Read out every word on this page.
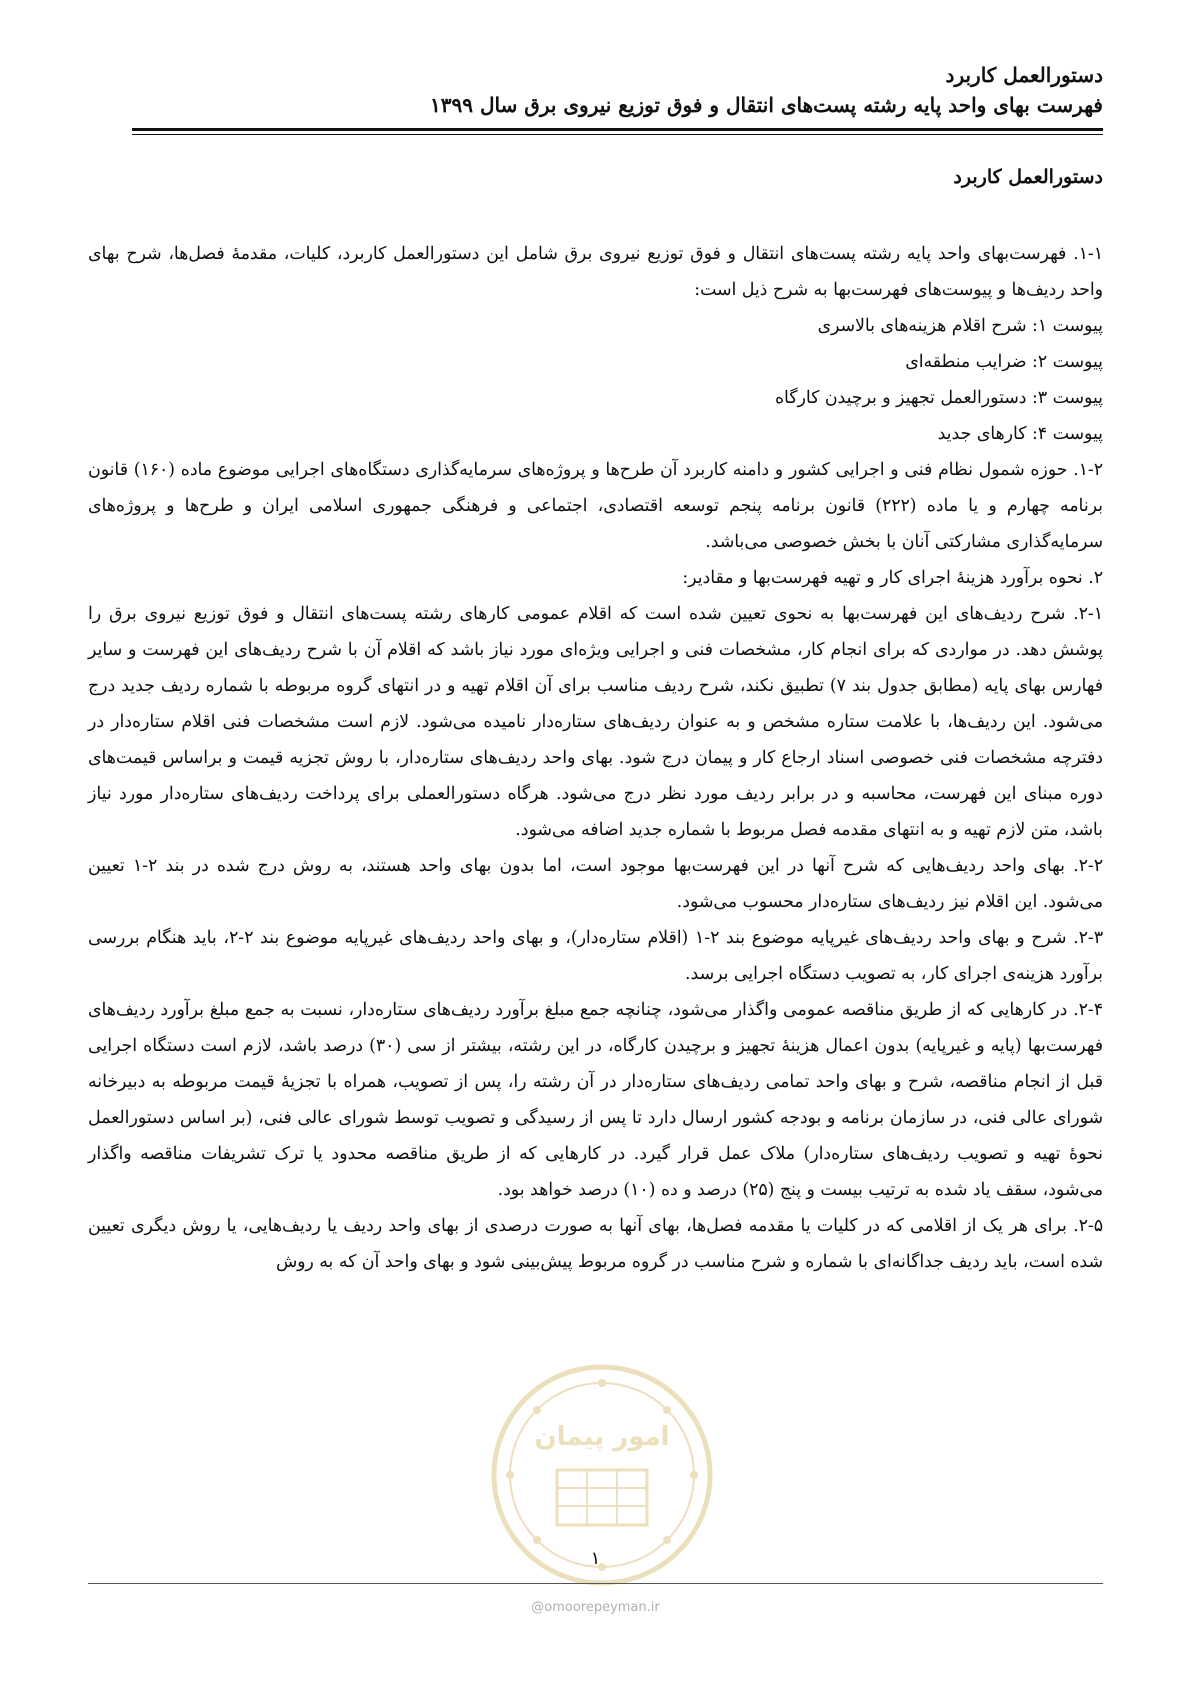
دستورالعمل کاربرد
فهرست بهای واحد پایه رشته پست‌های انتقال و فوق توزیع نیروی برق سال ۱۳۹۹
دستورالعمل کاربرد

۱-۱. فهرست‌بهای واحد پایه رشته پست‌های انتقال و فوق توزیع نیروی برق شامل این دستورالعمل کاربرد، کلیات، مقدمهٔ فصل‌ها، شرح بهای واحد ردیف‌ها و پیوست‌های فهرست‌بها به شرح ذیل است:

پیوست ۱: شرح اقلام هزینه‌های بالاسری

پیوست ۲: ضرایب منطقه‌ای

پیوست ۳: دستورالعمل تجهیز و برچیدن کارگاه

پیوست ۴: کارهای جدید

۱-۲. حوزه شمول نظام فنی و اجرایی کشور و دامنه کاربرد آن طرح‌ها و پروژه‌های سرمایه‌گذاری دستگاه‌های اجرایی موضوع ماده (۱۶۰) قانون برنامه چهارم و یا ماده (۲۲۲) قانون برنامه پنجم توسعه اقتصادی، اجتماعی و فرهنگی جمهوری اسلامی ایران و طرح‌ها و پروژه‌های سرمایه‌گذاری مشارکتی آنان با بخش خصوصی می‌باشد.

۲. نحوه برآورد هزینهٔ اجرای کار و تهیه فهرست‌بها و مقادیر:

۲-۱. شرح ردیف‌های این فهرست‌بها به نحوی تعیین شده است که اقلام عمومی کارهای رشته پست‌های انتقال و فوق توزیع نیروی برق را پوشش دهد. در مواردی که برای انجام کار، مشخصات فنی و اجرایی ویژه‌ای مورد نیاز باشد که اقلام آن با شرح ردیف‌های این فهرست و سایر فهارس بهای پایه (مطابق جدول بند ۷) تطبیق نکند، شرح ردیف مناسب برای آن اقلام تهیه و در انتهای گروه مربوطه با شماره ردیف جدید درج می‌شود. این ردیف‌ها، با علامت ستاره مشخص و به عنوان ردیف‌های ستاره‌دار نامیده می‌شود. لازم است مشخصات فنی اقلام ستاره‌دار در دفترچه مشخصات فنی خصوصی اسناد ارجاع کار و پیمان درج شود. بهای واحد ردیف‌های ستاره‌دار، با روش تجزیه قیمت و براساس قیمت‌های دوره مبنای این فهرست، محاسبه و در برابر ردیف مورد نظر درج می‌شود. هرگاه دستورالعملی برای پرداخت ردیف‌های ستاره‌دار مورد نیاز باشد، متن لازم تهیه و به انتهای مقدمه فصل مربوط با شماره جدید اضافه می‌شود.

۲-۲. بهای واحد ردیف‌هایی که شرح آنها در این فهرست‌بها موجود است، اما بدون بهای واحد هستند، به روش درج شده در بند ۲-۱ تعیین می‌شود. این اقلام نیز ردیف‌های ستاره‌دار محسوب می‌شود.

۲-۳. شرح و بهای واحد ردیف‌های غیرپایه موضوع بند ۲-۱ (اقلام ستاره‌دار)، و بهای واحد ردیف‌های غیرپایه موضوع بند ۲-۲، باید هنگام بررسی برآورد هزینه‌ی اجرای کار، به تصویب دستگاه اجرایی برسد.

۲-۴. در کارهایی که از طریق مناقصه عمومی واگذار می‌شود، چنانچه جمع مبلغ برآورد ردیف‌های ستاره‌دار، نسبت به جمع مبلغ برآورد ردیف‌های فهرست‌بها (پایه و غیرپایه) بدون اعمال هزینهٔ تجهیز و برچیدن کارگاه، در این رشته، بیشتر از سی (۳۰) درصد باشد، لازم است دستگاه اجرایی قبل از انجام مناقصه، شرح و بهای واحد تمامی ردیف‌های ستاره‌دار در آن رشته را، پس از تصویب، همراه با تجزیهٔ قیمت مربوطه به دبیرخانه شورای عالی فنی، در سازمان برنامه و بودجه کشور ارسال دارد تا پس از رسیدگی و تصویب توسط شورای عالی فنی، (بر اساس دستورالعمل نحوهٔ تهیه و تصویب ردیف‌های ستاره‌دار) ملاک عمل قرار گیرد. در کارهایی که از طریق مناقصه محدود یا ترک تشریفات مناقصه واگذار می‌شود، سقف یاد شده به ترتیب بیست و پنج (۲۵) درصد و ده (۱۰) درصد خواهد بود.

۲-۵. برای هر یک از اقلامی که در کلیات یا مقدمه فصل‌ها، بهای آنها به صورت درصدی از بهای واحد ردیف یا ردیف‌هایی، یا روش دیگری تعیین شده است، باید ردیف جداگانه‌ای با شماره و شرح مناسب در گروه مربوط پیش‌بینی شود و بهای واحد آن که به روش

امور پیمان
۱
@omoorepeyman.ir
